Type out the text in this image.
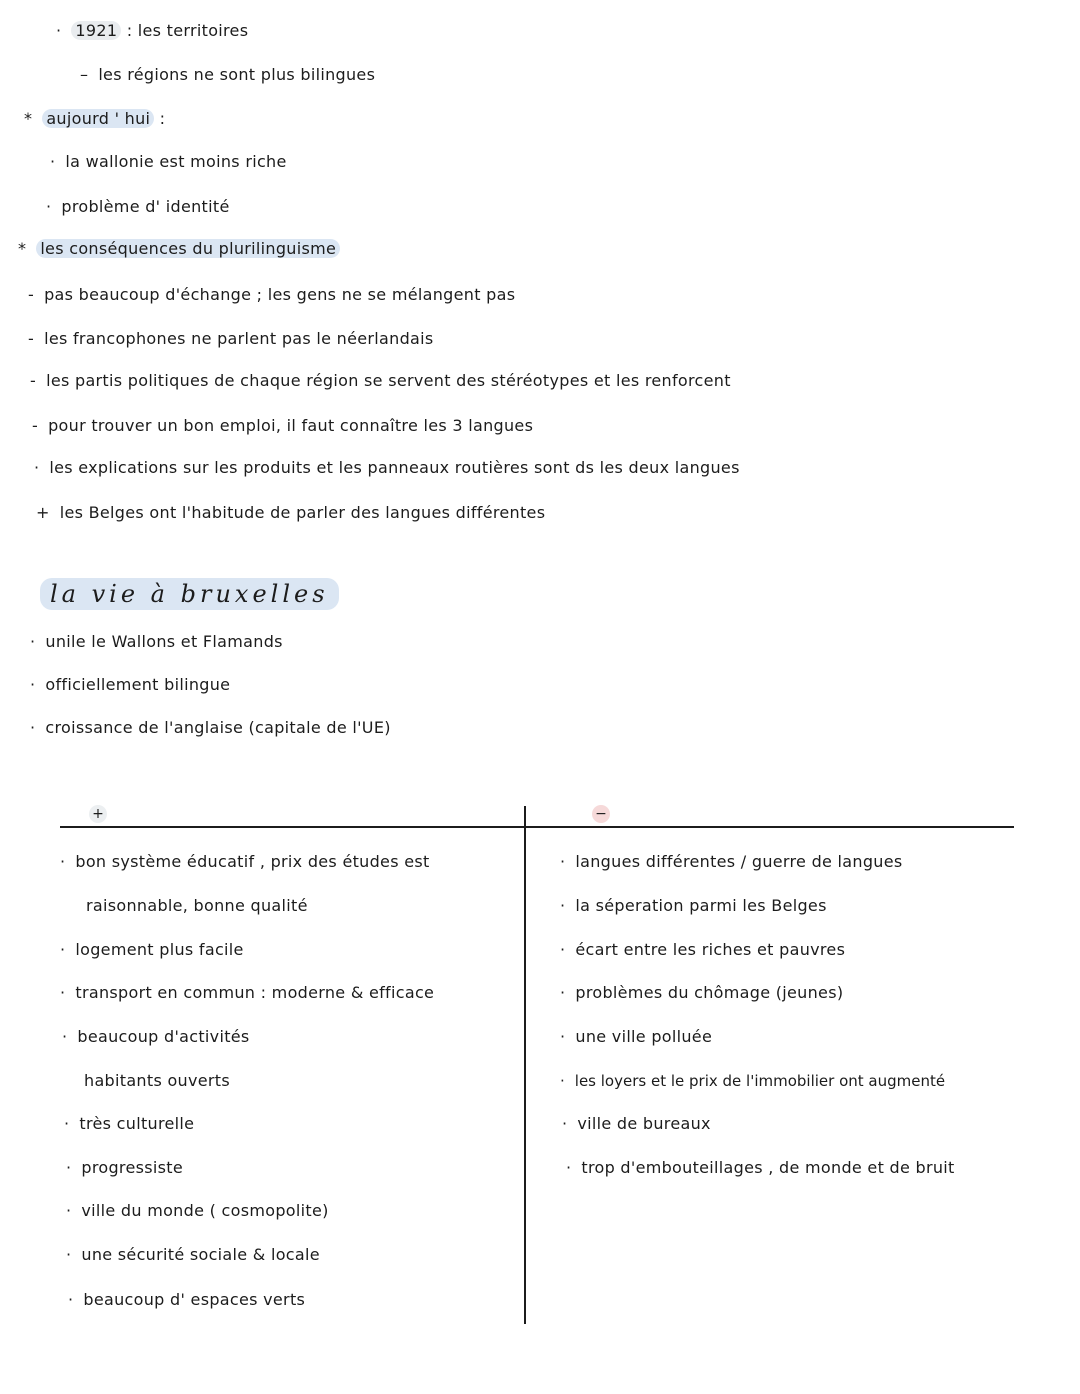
· 1921 : les territoires
– les régions ne sont plus bilingues
* aujourd ' hui :
· la wallonie est moins riche
· problème d' identité
* les conséquences du plurilinguisme
- pas beaucoup d'échange ; les gens ne se mélangent pas
- les francophones ne parlent pas le néerlandais
- les partis politiques de chaque région se servent des stéréotypes et les renforcent
- pour trouver un bon emploi, il faut connaître les 3 langues
· les explications sur les produits et les panneaux routières sont ds les deux langues
+ les Belges ont l'habitude de parler des langues différentes
la vie à bruxelles
· unile le Wallons et Flamands
· officiellement bilingue
· croissance de l'anglaise (capitale de l'UE)
+	−
· bon système éducatif , prix des études est
raisonnable, bonne qualité
· logement plus facile
· transport en commun : moderne & efficace
· beaucoup d'activités
habitants ouverts
· très culturelle
· progressiste
· ville du monde ( cosmopolite)
· une sécurité sociale & locale
· beaucoup d' espaces verts
· langues différentes / guerre de langues
· la séperation parmi les Belges
· écart entre les riches et pauvres
· problèmes du chômage (jeunes)
· une ville polluée
· les loyers et le prix de l'immobilier ont augmenté
· ville de bureaux
· trop d'embouteillages , de monde et de bruit
